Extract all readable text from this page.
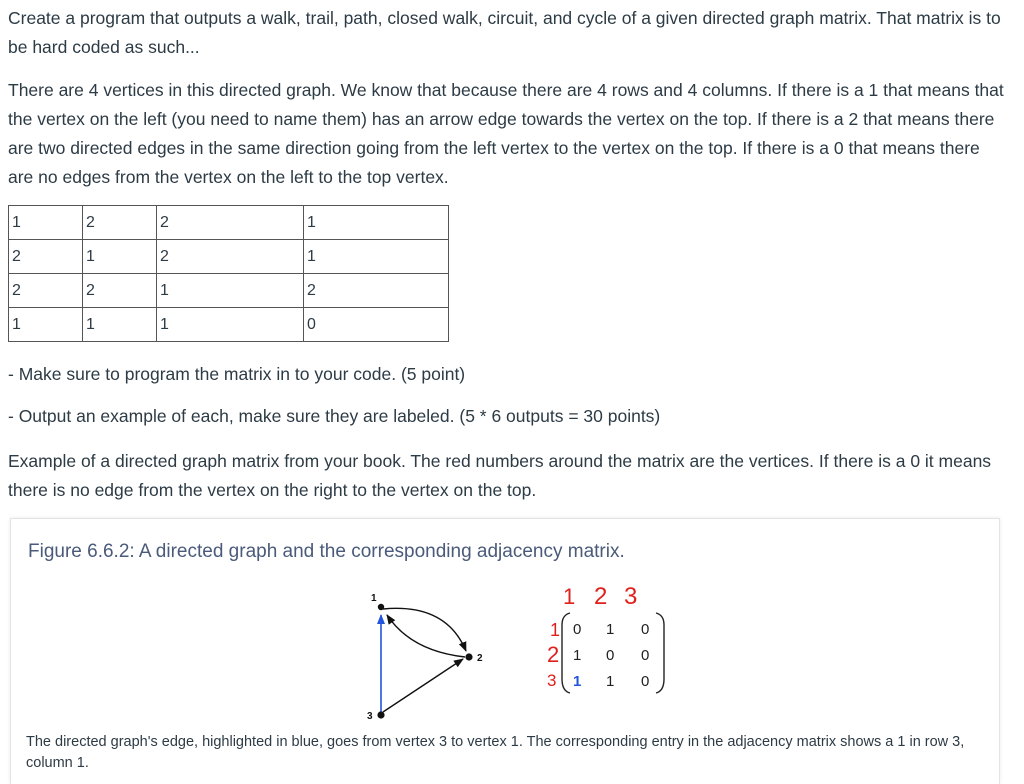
Create a program that outputs a walk, trail, path, closed walk, circuit, and cycle of a given directed graph matrix. That matrix is to be hard coded as such...

There are 4 vertices in this directed graph. We know that because there are 4 rows and 4 columns. If there is a 1 that means that the vertex on the left (you need to name them) has an arrow edge towards the vertex on the top. If there is a 2 that means there are two directed edges in the same direction going from the left vertex to the vertex on the top. If there is a 0 that means there are no edges from the vertex on the left to the top vertex.

1	2	2	1
2	1	2	1
2	2	1	2
1	1	1	0

- Make sure to program the matrix in to your code. (5 point)

- Output an example of each, make sure they are labeled. (5 * 6 outputs = 30 points)

Example of a directed graph matrix from your book. The red numbers around the matrix are the vertices. If there is a 0 it means there is no edge from the vertex on the right to the vertex on the top.

Figure 6.6.2: A directed graph and the corresponding adjacency matrix.
1
2
3
1 2 3
1
2
3
0 1 0
1 0 0
1 1 0
The directed graph's edge, highlighted in blue, goes from vertex 3 to vertex 1. The corresponding entry in the adjacency matrix shows a 1 in row 3, column 1.
